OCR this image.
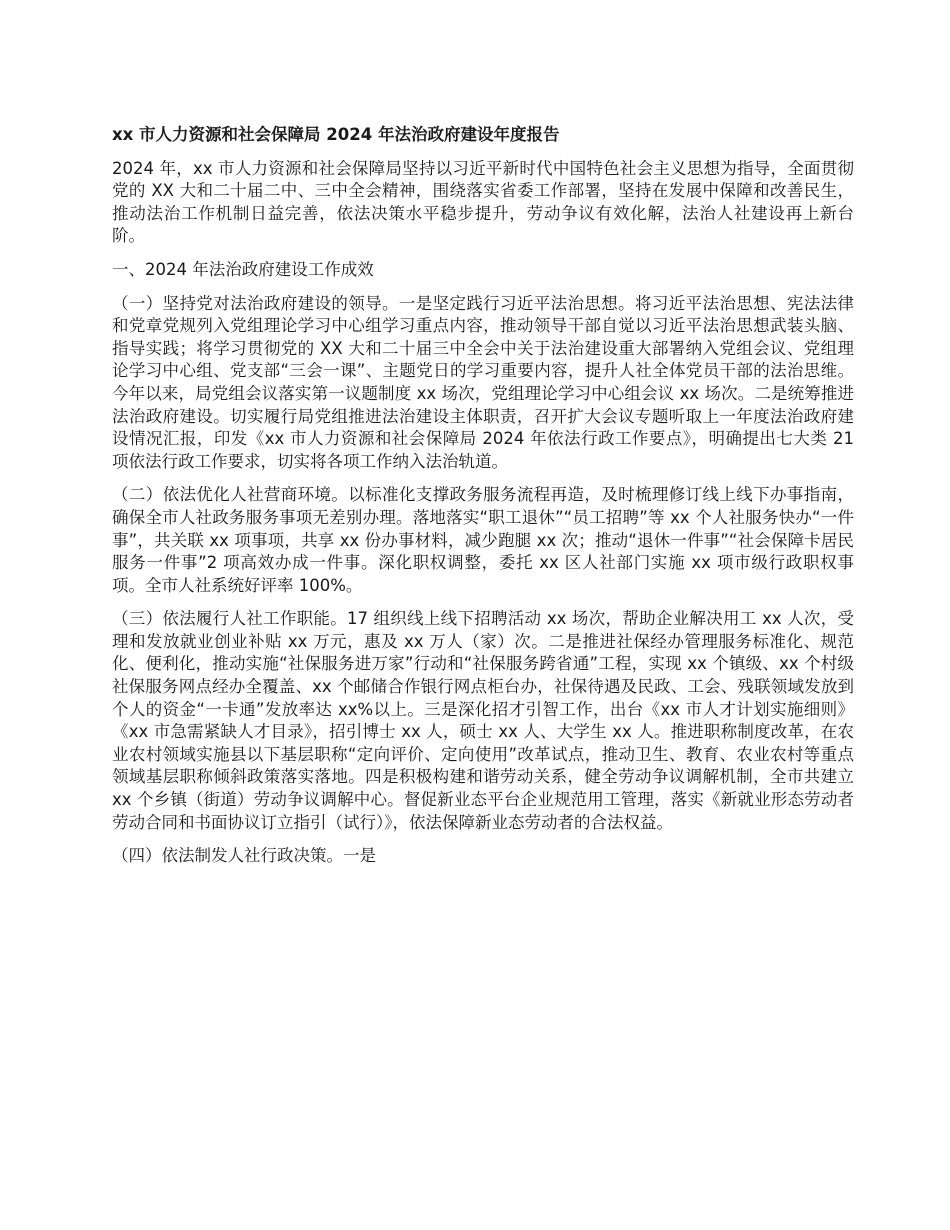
xx 市人力资源和社会保障局 2024 年法治政府建设年度报告

2024 年，xx 市人力资源和社会保障局坚持以习近平新时代中国特色社会主义思想为指导，全面贯彻党的 XX 大和二十届二中、三中全会精神，围绕落实省委工作部署，坚持在发展中保障和改善民生，推动法治工作机制日益完善，依法决策水平稳步提升，劳动争议有效化解，法治人社建设再上新台阶。

一、2024 年法治政府建设工作成效

（一）坚持党对法治政府建设的领导。一是坚定践行习近平法治思想。将习近平法治思想、宪法法律和党章党规列入党组理论学习中心组学习重点内容，推动领导干部自觉以习近平法治思想武装头脑、指导实践；将学习贯彻党的 XX 大和二十届三中全会中关于法治建设重大部署纳入党组会议、党组理论学习中心组、党支部“三会一课”、主题党日的学习重要内容，提升人社全体党员干部的法治思维。今年以来，局党组会议落实第一议题制度 xx 场次，党组理论学习中心组会议 xx 场次。二是统筹推进法治政府建设。切实履行局党组推进法治建设主体职责，召开扩大会议专题听取上一年度法治政府建设情况汇报，印发《xx 市人力资源和社会保障局 2024 年依法行政工作要点》，明确提出七大类 21 项依法行政工作要求，切实将各项工作纳入法治轨道。

（二）依法优化人社营商环境。以标准化支撑政务服务流程再造，及时梳理修订线上线下办事指南，确保全市人社政务服务事项无差别办理。落地落实“职工退休”“员工招聘”等 xx 个人社服务快办“一件事”，共关联 xx 项事项，共享 xx 份办事材料，减少跑腿 xx 次；推动“退休一件事”“社会保障卡居民服务一件事”2 项高效办成一件事。深化职权调整，委托 xx 区人社部门实施 xx 项市级行政职权事项。全市人社系统好评率 100%。

（三）依法履行人社工作职能。17 组织线上线下招聘活动 xx 场次，帮助企业解决用工 xx 人次，受理和发放就业创业补贴 xx 万元，惠及 xx 万人（家）次。二是推进社保经办管理服务标准化、规范化、便利化，推动实施“社保服务进万家”行动和“社保服务跨省通”工程，实现 xx 个镇级、xx 个村级社保服务网点经办全覆盖、xx 个邮储合作银行网点柜台办，社保待遇及民政、工会、残联领域发放到个人的资金“一卡通”发放率达 xx%以上。三是深化招才引智工作，出台《xx 市人才计划实施细则》《xx 市急需紧缺人才目录》，招引博士 xx 人，硕士 xx 人、大学生 xx 人。推进职称制度改革，在农业农村领域实施县以下基层职称“定向评价、定向使用”改革试点，推动卫生、教育、农业农村等重点领域基层职称倾斜政策落实落地。四是积极构建和谐劳动关系，健全劳动争议调解机制，全市共建立 xx 个乡镇（街道）劳动争议调解中心。督促新业态平台企业规范用工管理，落实《新就业形态劳动者劳动合同和书面协议订立指引（试行）》，依法保障新业态劳动者的合法权益。

（四）依法制发人社行政决策。一是
